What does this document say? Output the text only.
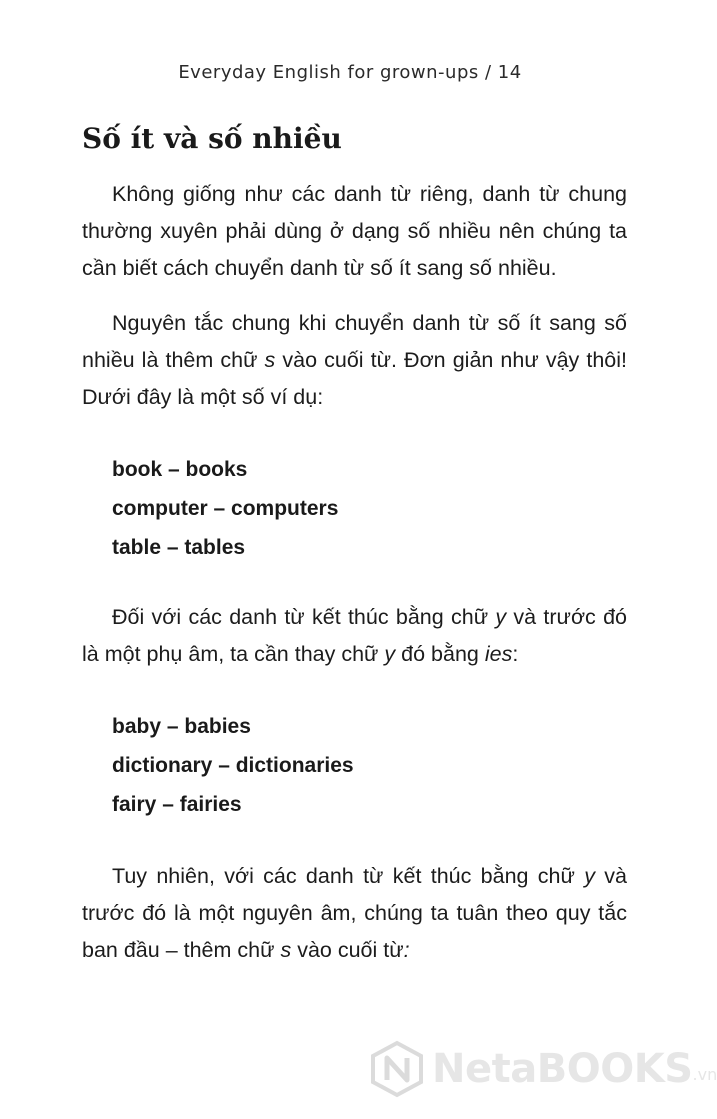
Everyday English for grown-ups / 14
Số ít và số nhiều

Không giống như các danh từ riêng, danh từ chung thường xuyên phải dùng ở dạng số nhiều nên chúng ta cần biết cách chuyển danh từ số ít sang số nhiều.

Nguyên tắc chung khi chuyển danh từ số ít sang số nhiều là thêm chữ s vào cuối từ. Đơn giản như vậy thôi! Dưới đây là một số ví dụ:

book – books
computer – computers
table – tables

Đối với các danh từ kết thúc bằng chữ y và trước đó là một phụ âm, ta cần thay chữ y đó bằng ies:

baby – babies
dictionary – dictionaries
fairy – fairies

Tuy nhiên, với các danh từ kết thúc bằng chữ y và trước đó là một nguyên âm, chúng ta tuân theo quy tắc ban đầu – thêm chữ s vào cuối từ:

NetaBOOKS .vn
